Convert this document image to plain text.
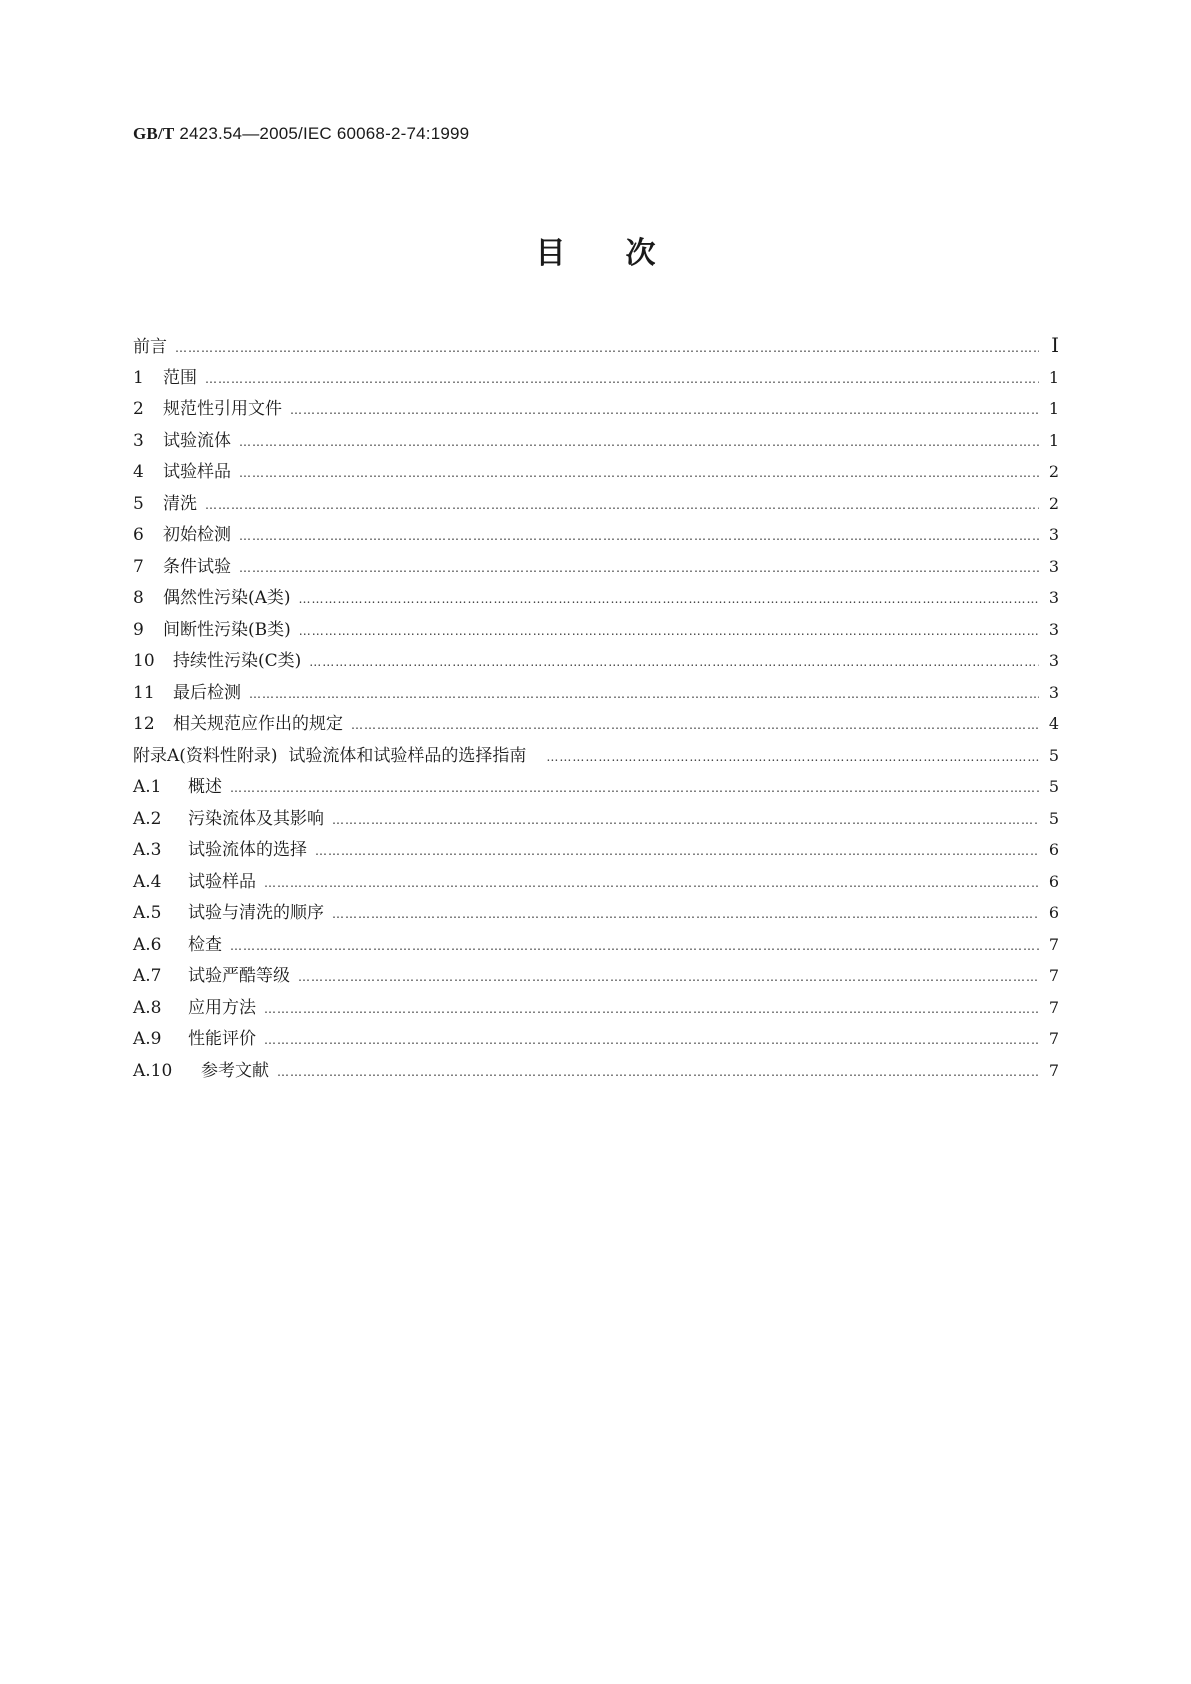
GB/T 2423.54—2005/IEC 60068-2-74:1999
目次
前言 …………………………………………………………………………………………………………………………………………………………………………………………………………	I
1	范围 …………………………………………………………………………………………………………………………………………………………………………………………………………	1
2	规范性引用文件 …………………………………………………………………………………………………………………………………………………………………………………………………………	1
3	试验流体 …………………………………………………………………………………………………………………………………………………………………………………………………………	1
4	试验样品 …………………………………………………………………………………………………………………………………………………………………………………………………………	2
5	清洗 …………………………………………………………………………………………………………………………………………………………………………………………………………	2
6	初始检测 …………………………………………………………………………………………………………………………………………………………………………………………………………	3
7	条件试验 …………………………………………………………………………………………………………………………………………………………………………………………………………	3
8	偶然性污染(A类) …………………………………………………………………………………………………………………………………………………………………………………………………………	3
9	间断性污染(B类) …………………………………………………………………………………………………………………………………………………………………………………………………………	3
10	持续性污染(C类) …………………………………………………………………………………………………………………………………………………………………………………………………………	3
11	最后检测 …………………………………………………………………………………………………………………………………………………………………………………………………………	3
12	相关规范应作出的规定 …………………………………………………………………………………………………………………………………………………………………………………………………………	4
附录A(资料性附录)  试验流体和试验样品的选择指南 …………………………………………………………………………………………………………………………………………………………………………………………………………	5
A.1	概述 …………………………………………………………………………………………………………………………………………………………………………………………………………	5
A.2	污染流体及其影响 …………………………………………………………………………………………………………………………………………………………………………………………………………	5
A.3	试验流体的选择 …………………………………………………………………………………………………………………………………………………………………………………………………………	6
A.4	试验样品 …………………………………………………………………………………………………………………………………………………………………………………………………………	6
A.5	试验与清洗的顺序 …………………………………………………………………………………………………………………………………………………………………………………………………………	6
A.6	检查 …………………………………………………………………………………………………………………………………………………………………………………………………………	7
A.7	试验严酷等级 …………………………………………………………………………………………………………………………………………………………………………………………………………	7
A.8	应用方法 …………………………………………………………………………………………………………………………………………………………………………………………………………	7
A.9	性能评价 …………………………………………………………………………………………………………………………………………………………………………………………………………	7
A.10	参考文献 …………………………………………………………………………………………………………………………………………………………………………………………………………	7
